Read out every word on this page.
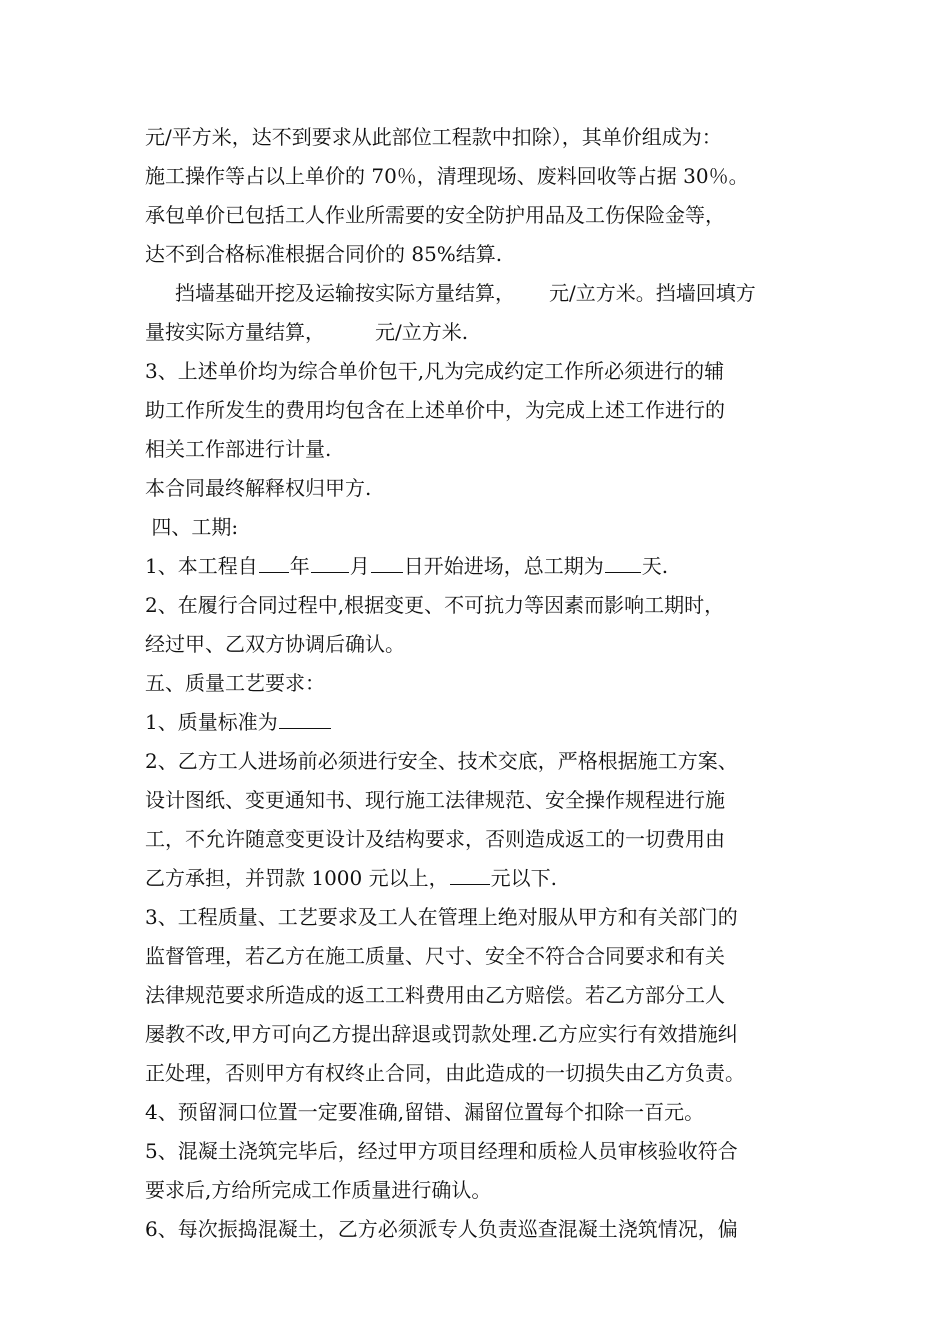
元/平方米，达不到要求从此部位工程款中扣除），其单价组成为：
施工操作等占以上单价的 70％，清理现场、废料回收等占据 30％。
承包单价已包括工人作业所需要的安全防护用品及工伤保险金等，
达不到合格标准根据合同价的 85%结算.
挡墙基础开挖及运输按实际方量结算， 元/立方米。挡墙回填方
量按实际方量结算，	元/立方米.
3、上述单价均为综合单价包干,凡为完成约定工作所必须进行的辅
助工作所发生的费用均包含在上述单价中，为完成上述工作进行的
相关工作部进行计量.
本合同最终解释权归甲方.
四、工期:
1、本工程自 年 月 日开始进场，总工期为 天.
2、在履行合同过程中,根据变更、不可抗力等因素而影响工期时，
经过甲、乙双方协调后确认。
五、质量工艺要求：
1、质量标准为
2、乙方工人进场前必须进行安全、技术交底，严格根据施工方案、
设计图纸、变更通知书、现行施工法律规范、安全操作规程进行施
工，不允许随意变更设计及结构要求，否则造成返工的一切费用由
乙方承担，并罚款 1000 元以上， 元以下.
3、工程质量、工艺要求及工人在管理上绝对服从甲方和有关部门的
监督管理，若乙方在施工质量、尺寸、安全不符合合同要求和有关
法律规范要求所造成的返工工料费用由乙方赔偿。若乙方部分工人
屡教不改,甲方可向乙方提出辞退或罚款处理.乙方应实行有效措施纠
正处理，否则甲方有权终止合同，由此造成的一切损失由乙方负责。
4、预留洞口位置一定要准确,留错、漏留位置每个扣除一百元。
5、混凝土浇筑完毕后，经过甲方项目经理和质检人员审核验收符合
要求后,方给所完成工作质量进行确认。
6、每次振捣混凝土，乙方必须派专人负责巡查混凝土浇筑情况，偏
